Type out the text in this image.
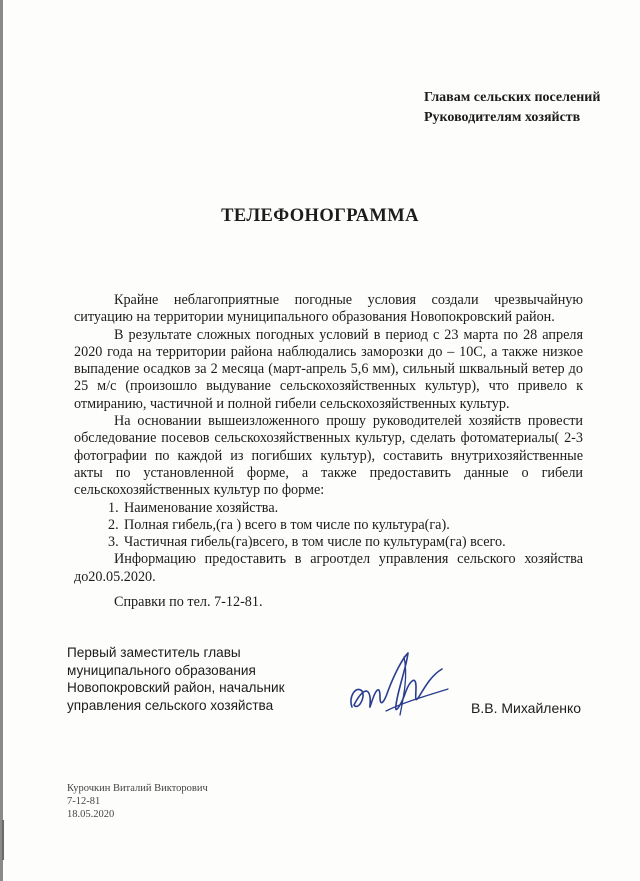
Главам сельских поселений
Руководителям хозяйств
ТЕЛЕФОНОГРАММА

Крайне неблагоприятные погодные условия создали чрезвычайную ситуацию на территории муниципального образования Новопокровский район.

В результате сложных погодных условий в период с 23 марта по 28 апреля 2020 года на территории района наблюдались заморозки до – 10С, а также низкое выпадение осадков за 2 месяца (март-апрель 5,6 мм), сильный шквальный ветер до 25 м/с (произошло выдувание сельскохозяйственных культур), что привело к отмиранию, частичной и полной гибели сельскохозяйственных культур.

На основании вышеизложенного прошу руководителей хозяйств провести обследование посевов сельскохозяйственных культур, сделать фотоматериалы( 2-3 фотографии по каждой из погибших культур), составить внутрихозяйственные акты по установленной форме, а также предоставить данные о гибели сельскохозяйственных культур по форме:

1. Наименование хозяйства.
2. Полная гибель,(га ) всего в том числе по культура(га).
3. Частичная гибель(га)всего, в том числе по культурам(га) всего.

Информацию предоставить в агроотдел управления сельского хозяйства до20.05.2020.

Справки по тел. 7-12-81.

Первый заместитель главы
муниципального образования
Новопокровский район, начальник
управления сельского хозяйства	В.В. Михайленко
Курочкин Виталий Викторович
7-12-81
18.05.2020
